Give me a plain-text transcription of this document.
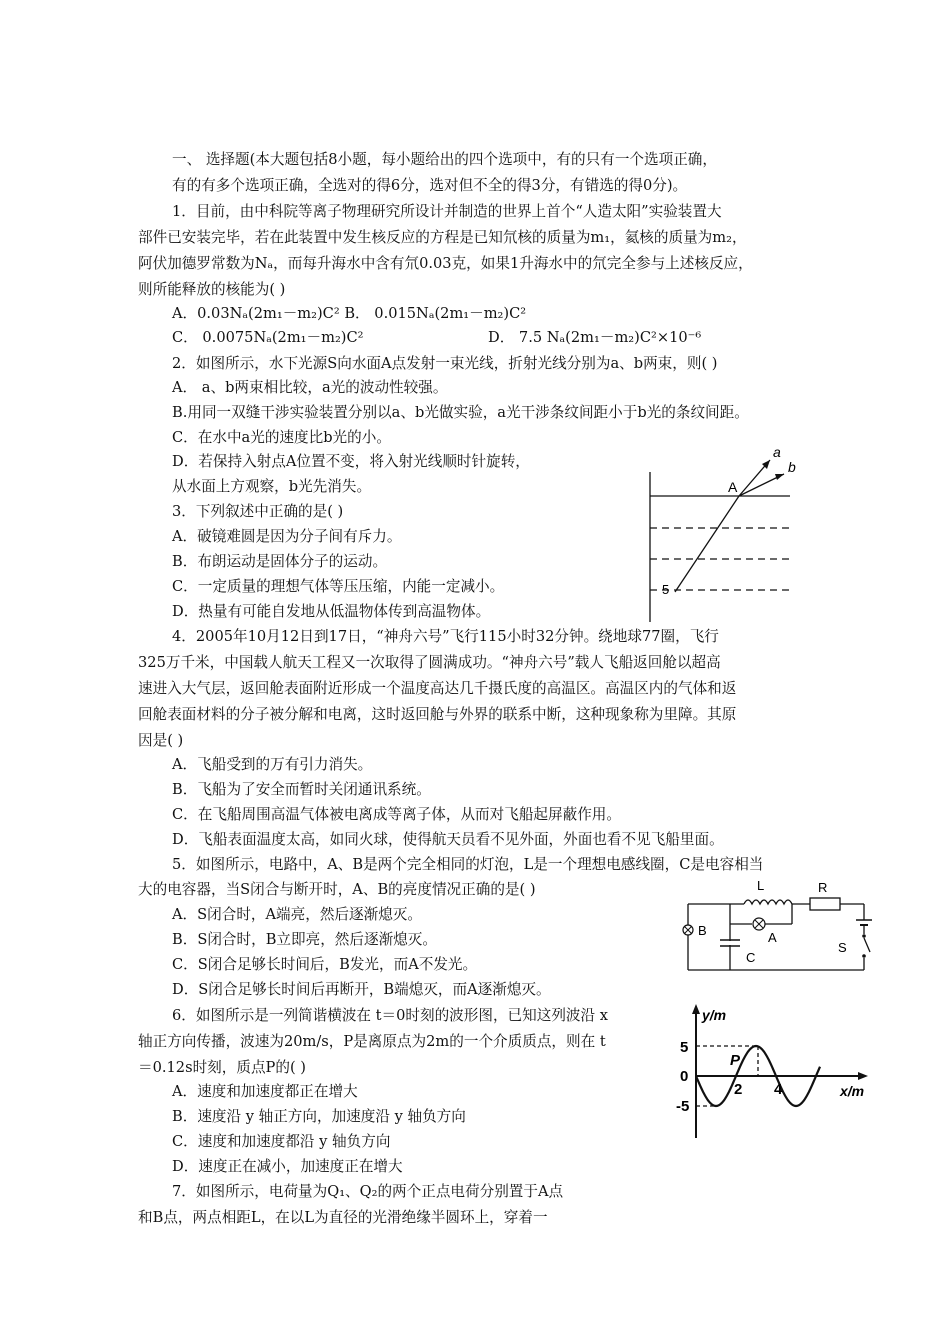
一、 选择题(本大题包括8小题，每小题给出的四个选项中，有的只有一个选项正确，
有的有多个选项正确，全选对的得6分，选对但不全的得3分，有错选的得0分)。
1．目前，由中科院等离子物理研究所设计并制造的世界上首个“人造太阳”实验装置大
部件已安装完毕，若在此装置中发生核反应的方程是已知氘核的质量为m₁，氦核的质量为m₂，
阿伏加德罗常数为Nₐ，而每升海水中含有氘0.03克，如果1升海水中的氘完全参与上述核反应，
则所能释放的核能为( )
A．0.03Nₐ(2m₁－m₂)C² B． 0.015Nₐ(2m₁－m₂)C²
C． 0.0075Nₐ(2m₁－m₂)C²	D． 7.5 Nₐ(2m₁－m₂)C²×10⁻⁶
2．如图所示，水下光源S向水面A点发射一束光线，折射光线分别为a、b两束，则( )
A． a、b两束相比较，a光的波动性较强。
B.用同一双缝干涉实验装置分别以a、b光做实验，a光干涉条纹间距小于b光的条纹间距。
C．在水中a光的速度比b光的小。
D．若保持入射点A位置不变，将入射光线顺时针旋转，
从水面上方观察，b光先消失。
3．下列叙述中正确的是( )
A．破镜难圆是因为分子间有斥力。
B．布朗运动是固体分子的运动。
C．一定质量的理想气体等压压缩，内能一定减小。
D．热量有可能自发地从低温物体传到高温物体。
4．2005年10月12日到17日，“神舟六号”飞行115小时32分钟。绕地球77圈，飞行
325万千米，中国载人航天工程又一次取得了圆满成功。“神舟六号”载人飞船返回舱以超高
速进入大气层，返回舱表面附近形成一个温度高达几千摄氏度的高温区。高温区内的气体和返
回舱表面材料的分子被分解和电离，这时返回舱与外界的联系中断，这种现象称为里障。其原
因是( )
A．飞船受到的万有引力消失。
B．飞船为了安全而暂时关闭通讯系统。
C．在飞船周围高温气体被电离成等离子体，从而对飞船起屏蔽作用。
D．飞船表面温度太高，如同火球，使得航天员看不见外面，外面也看不见飞船里面。
5．如图所示，电路中，A、B是两个完全相同的灯泡，L是一个理想电感线圈，C是电容相当
大的电容器，当S闭合与断开时，A、B的亮度情况正确的是( )
A．S闭合时，A端亮，然后逐渐熄灭。
B．S闭合时，B立即亮，然后逐渐熄灭。
C．S闭合足够长时间后，B发光，而A不发光。
D．S闭合足够长时间后再断开，B端熄灭，而A逐渐熄灭。
6．如图所示是一列简谐横波在 t＝0时刻的波形图，已知这列波沿 x
轴正方向传播，波速为20m/s，P是离原点为2m的一个介质质点，则在 t
＝0.12s时刻，质点P的( )
A．速度和加速度都正在增大
B．速度沿 y 轴正方向，加速度沿 y 轴负方向
C．速度和加速度都沿 y 轴负方向
D．速度正在减小，加速度正在增大
7．如图所示，电荷量为Q₁、Q₂的两个正点电荷分别置于A点
和B点，两点相距L，在以L为直径的光滑绝缘半圆环上，穿着一
a
b
A
5
B
C
L	R
A
S
y/m
x/m
5
0
-5
P
2 4
